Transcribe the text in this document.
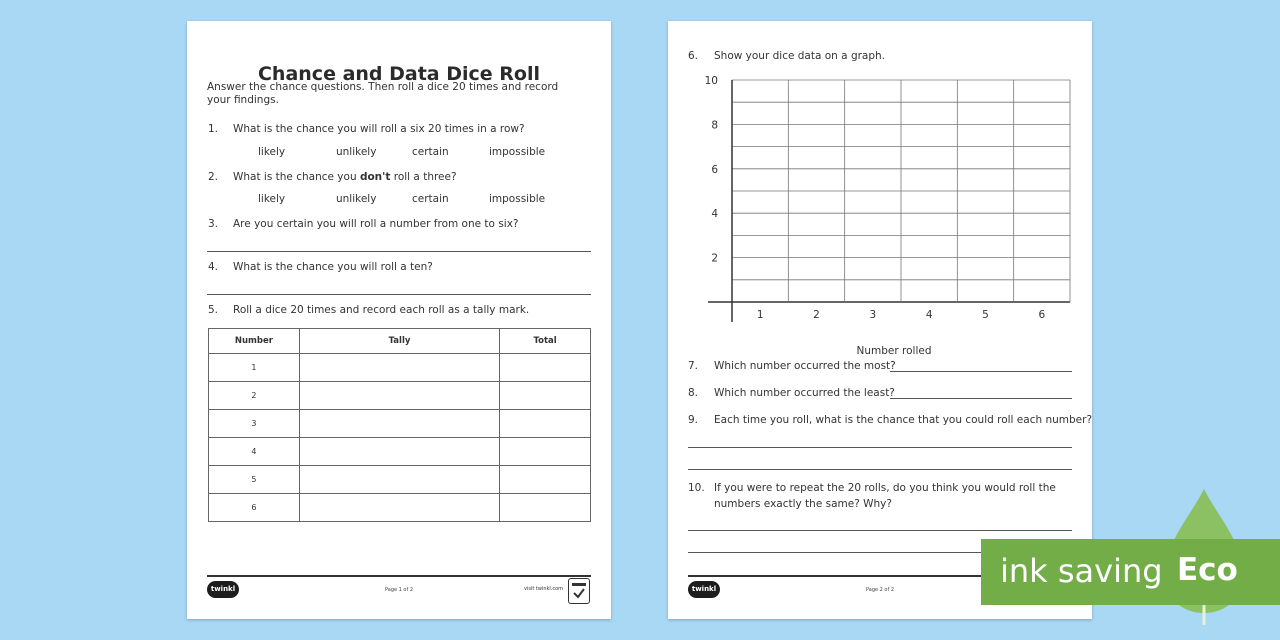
Chance and Data Dice Roll
Answer the chance questions. Then roll a dice 20 times and record
your findings.
1. What is the chance you will roll a six 20 times in a row?
likely	unlikely	certain	impossible
2. What is the chance you don't roll a three?
likely	unlikely	certain	impossible
3. Are you certain you will roll a number from one to six?
4. What is the chance you will roll a ten?
5. Roll a dice 20 times and record each roll as a tally mark.
Number	Tally	Total
1		
2		
3		
4		
5		
6		
twinkl	Page 1 of 2	visit twinkl.com
6. Show your dice data on a graph.
2
4
6
8
10
1	2	3	4	5	6
Number rolled
7. Which number occurred the most?
8. Which number occurred the least?
9. Each time you roll, what is the chance that you could roll each number?
10. If you were to repeat the 20 rolls, do you think you would roll the
numbers exactly the same? Why?
twinkl	Page 2 of 2	ink saving Eco
